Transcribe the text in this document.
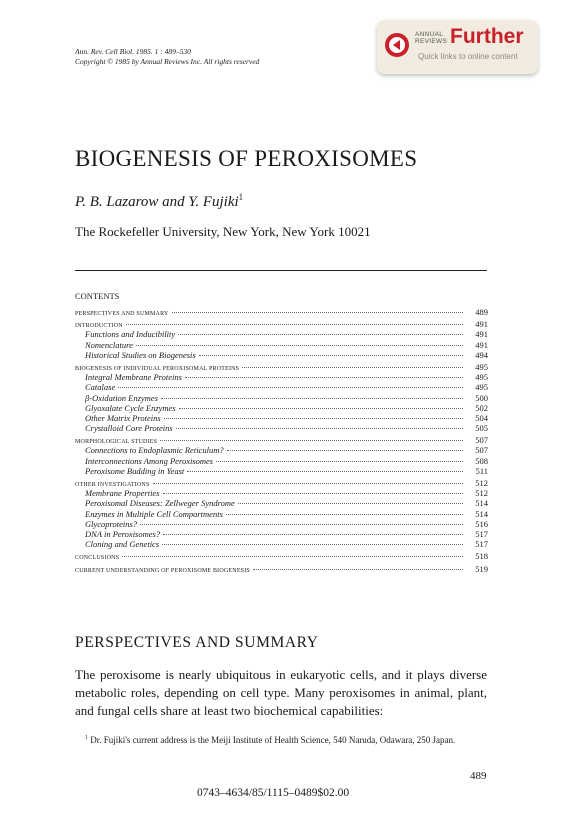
Ann. Rev. Cell Biol. 1985. 1 : 489–530
Copyright © 1985 by Annual Reviews Inc. All rights reserved
ANNUAL
REVIEWS Further
Quick links to online content
BIOGENESIS OF PEROXISOMES
P. B. Lazarow and Y. Fujiki$^1$
The Rockefeller University, New York, New York 10021
CONTENTS
PERSPECTIVES AND SUMMARY	489
INTRODUCTION	491
Functions and Inducibility	491
Nomenclature	491
Historical Studies on Biogenesis	494
BIOGENESIS OF INDIVIDUAL PEROXISOMAL PROTEINS	495
Integral Membrane Proteins	495
Catalase	495
β-Oxidation Enzymes	500
Glyoxalate Cycle Enzymes	502
Other Matrix Proteins	504
Crystalloid Core Proteins	505
MORPHOLOGICAL STUDIES	507
Connections to Endoplasmic Reticulum?	507
Interconnections Among Peroxisomes	508
Peroxisome Budding in Yeast	511
OTHER INVESTIGATIONS	512
Membrane Properties	512
Peroxisomal Diseases: Zellweger Syndrome	514
Enzymes in Multiple Cell Compartments	514
Glycoproteins?	516
DNA in Peroxisomes?	517
Cloning and Genetics	517
CONCLUSIONS	518
CURRENT UNDERSTANDING OF PEROXISOME BIOGENESIS	519
PERSPECTIVES AND SUMMARY
The peroxisome is nearly ubiquitous in eukaryotic cells, and it plays diverse metabolic roles, depending on cell type. Many peroxisomes in animal, plant, and fungal cells share at least two biochemical capabilities:
$^1$ Dr. Fujiki's current address is the Meiji Institute of Health Science, 540 Naruda, Odawara, 250 Japan.
489
0743–4634/85/1115–0489$02.00
